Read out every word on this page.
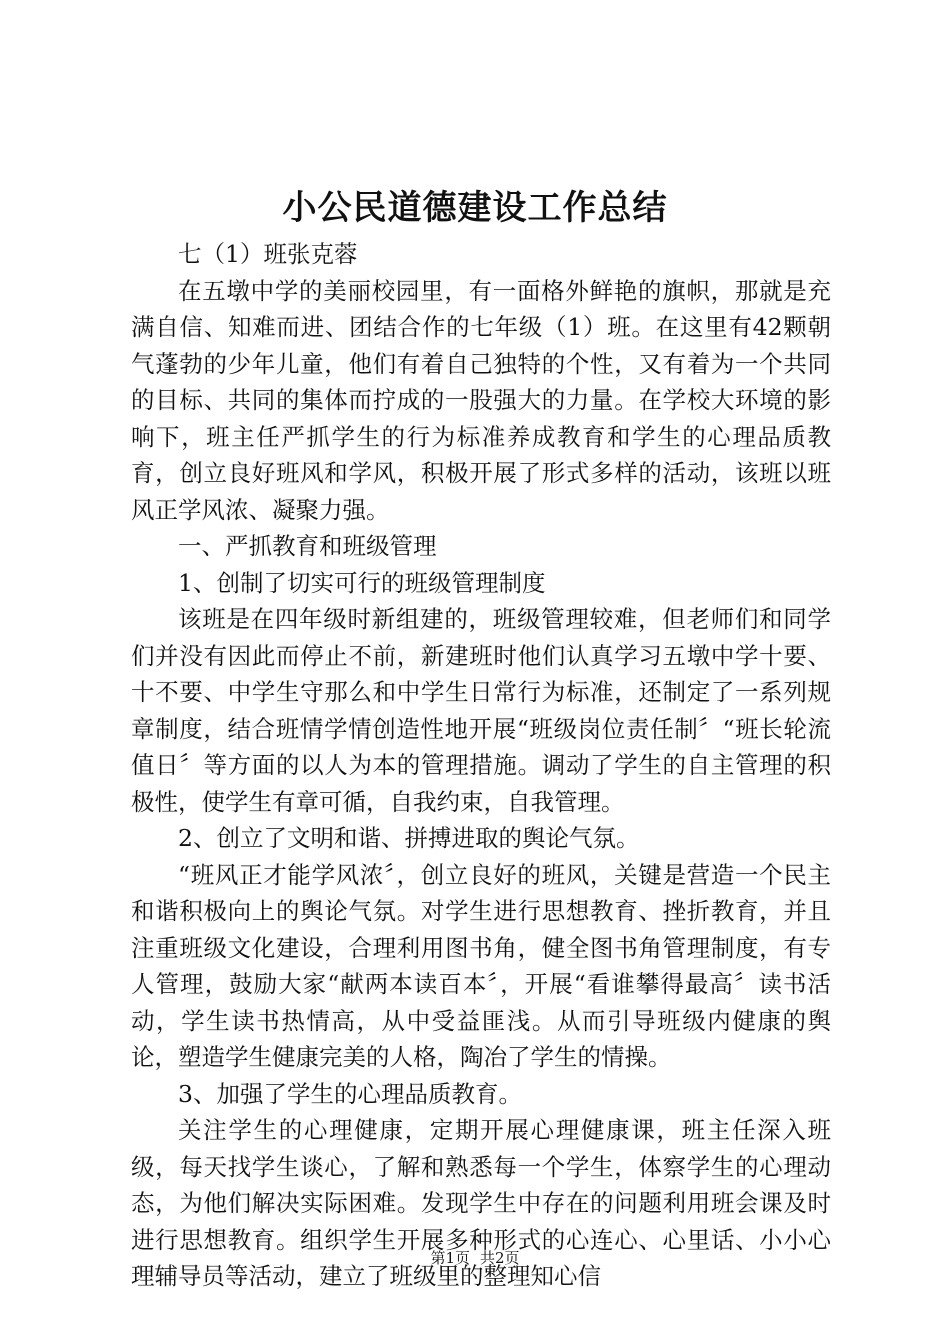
小公民道德建设工作总结

七（1）班张克蓉

在五墩中学的美丽校园里，有一面格外鲜艳的旗帜，那就是充满自信、知难而进、团结合作的七年级（1）班。在这里有42颗朝气蓬勃的少年儿童，他们有着自己独特的个性，又有着为一个共同的目标、共同的集体而拧成的一股强大的力量。在学校大环境的影响下，班主任严抓学生的行为标准养成教育和学生的心理品质教育，创立良好班风和学风，积极开展了形式多样的活动，该班以班风正学风浓、凝聚力强。

一、严抓教育和班级管理

1、创制了切实可行的班级管理制度

该班是在四年级时新组建的，班级管理较难，但老师们和同学们并没有因此而停止不前，新建班时他们认真学习五墩中学十要、十不要、中学生守那么和中学生日常行为标准，还制定了一系列规章制度，结合班情学情创造性地开展“班级岗位责任制〞“班长轮流值日〞等方面的以人为本的管理措施。调动了学生的自主管理的积极性，使学生有章可循，自我约束，自我管理。

2、创立了文明和谐、拼搏进取的舆论气氛。

“班风正才能学风浓〞，创立良好的班风，关键是营造一个民主和谐积极向上的舆论气氛。对学生进行思想教育、挫折教育，并且注重班级文化建设，合理利用图书角，健全图书角管理制度，有专人管理，鼓励大家“献两本读百本〞，开展“看谁攀得最高〞读书活动，学生读书热情高，从中受益匪浅。从而引导班级内健康的舆论，塑造学生健康完美的人格，陶冶了学生的情操。

3、加强了学生的心理品质教育。

关注学生的心理健康，定期开展心理健康课，班主任深入班级，每天找学生谈心，了解和熟悉每一个学生，体察学生的心理动态，为他们解决实际困难。发现学生中存在的问题利用班会课及时进行思想教育。组织学生开展多种形式的心连心、心里话、小小心理辅导员等活动，建立了班级里的整理知心信

第1页 共2页
